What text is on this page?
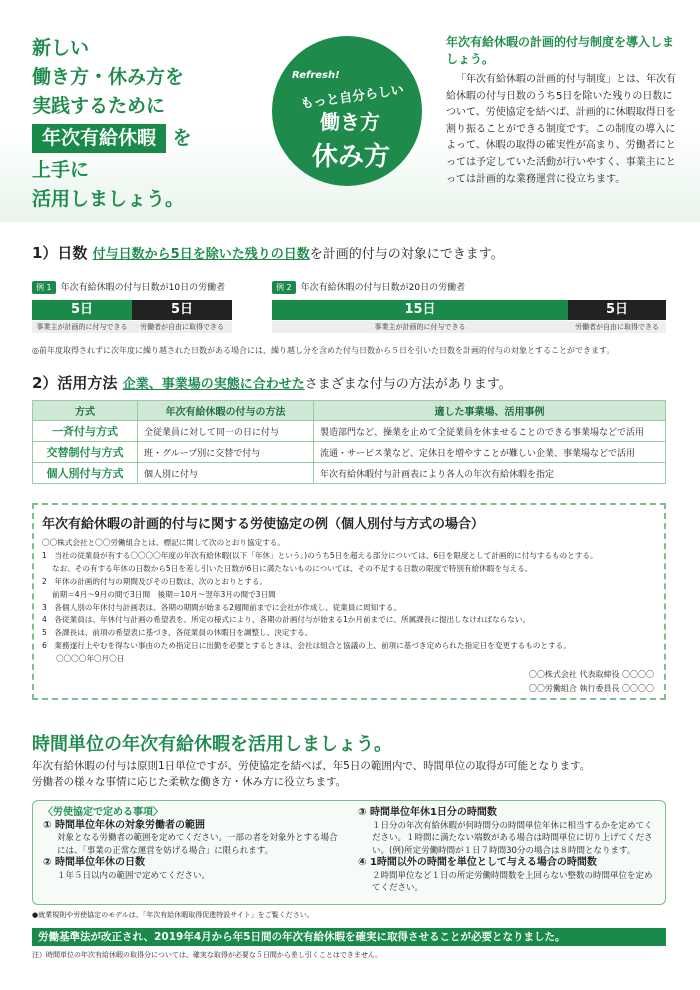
新しい
働き方・休み方を
実践するために
年次有給休暇 を
上手に
活用しましょう。
Refresh!
もっと自分らしい
働き方
休み方
年次有給休暇の計画的付与制度を導入しましょう。
「年次有給休暇の計画的付与制度」とは、年次有給休暇の付与日数のうち5日を除いた残りの日数について、労使協定を結べば、計画的に休暇取得日を割り振ることができる制度です。この制度の導入によって、休暇の取得の確実性が高まり、労働者にとっては予定していた活動が行いやすく、事業主にとっては計画的な業務運営に役立ちます。
1）日数 付与日数から5日を除いた残りの日数を計画的付与の対象にできます。
例 1 年次有給休暇の付与日数が10日の労働者
5日	5日
事業主が計画的に付与できる	労働者が自由に取得できる
例 2 年次有給休暇の付与日数が20日の労働者
15日	5日
事業主が計画的に付与できる	労働者が自由に取得できる
◎前年度取得されずに次年度に繰り越された日数がある場合には、繰り越し分を含めた付与日数から５日を引いた日数を計画的付与の対象とすることができます。
2）活用方法 企業、事業場の実態に合わせたさまざまな付与の方法があります。
方式	年次有給休暇の付与の方法	適した事業場、活用事例
一斉付与方式	全従業員に対して同一の日に付与	製造部門など、操業を止めて全従業員を休ませることのできる事業場などで活用
交替制付与方式	班・グループ別に交替で付与	流通・サービス業など、定休日を増やすことが難しい企業、事業場などで活用
個人別付与方式	個人別に付与	年次有給休暇付与計画表により各人の年次有給休暇を指定
年次有給休暇の計画的付与に関する労使協定の例（個人別付与方式の場合）
〇〇株式会社と〇〇労働組合とは、標記に関して次のとおり協定する。
1　当社の従業員が有する〇〇〇〇年度の年次有給休暇(以下「年休」という。)のうち5日を超える部分については、6日を限度として計画的に付与するものとする。
　 なお、その有する年休の日数から5日を差し引いた日数が6日に満たないものについては、その不足する日数の限度で特別有給休暇を与える。
2　年休の計画的付与の期間及びその日数は、次のとおりとする。
　 前期＝4月～9月の間で3日間　後期＝10月～翌年3月の間で3日間
3　各個人別の年休付与計画表は、各期の期間が始まる2週間前までに会社が作成し、従業員に周知する。
4　各従業員は、年休付与計画の希望表を、所定の様式により、各期の計画付与が始まる1か月前までに、所属課長に提出しなければならない。
5　各課長は、前項の希望表に基づき、各従業員の休暇日を調整し、決定する。
6　業務遂行上やむを得ない事由のため指定日に出勤を必要とするときは、会社は組合と協議の上、前項に基づき定められた指定日を変更するものとする。
〇〇〇〇年〇月〇日
〇〇株式会社 代表取締役 〇〇〇〇
〇〇労働組合 執行委員長 〇〇〇〇
時間単位の年次有給休暇を活用しましょう。
年次有給休暇の付与は原則1日単位ですが、労使協定を結べば、年5日の範囲内で、時間単位の取得が可能となります。
労働者の様々な事情に応じた柔軟な働き方・休み方に役立ちます。
〈労使協定で定める事項〉
① 時間単位年休の対象労働者の範囲
対象となる労働者の範囲を定めてください。一部の者を対象外とする場合には、「事業の正常な運営を妨げる場合」に限られます。
② 時間単位年休の日数
１年５日以内の範囲で定めてください。
③ 時間単位年休1日分の時間数
１日分の年次有給休暇が何時間分の時間単位年休に相当するかを定めてください。１時間に満たない端数がある場合は時間単位に切り上げてください。(例)所定労働時間が１日７時間30分の場合は８時間となります。
④ 1時間以外の時間を単位として与える場合の時間数
２時間単位など１日の所定労働時間数を上回らない整数の時間単位を定めてください。
●就業規則や労使協定のモデルは、「年次有給休暇取得促進特設サイト」をご覧ください。
労働基準法が改正され、2019年4月から年5日間の年次有給休暇を確実に取得させることが必要となりました。
注）時間単位の年次有給休暇の取得分については、確実な取得が必要な５日間から差し引くことはできません。
